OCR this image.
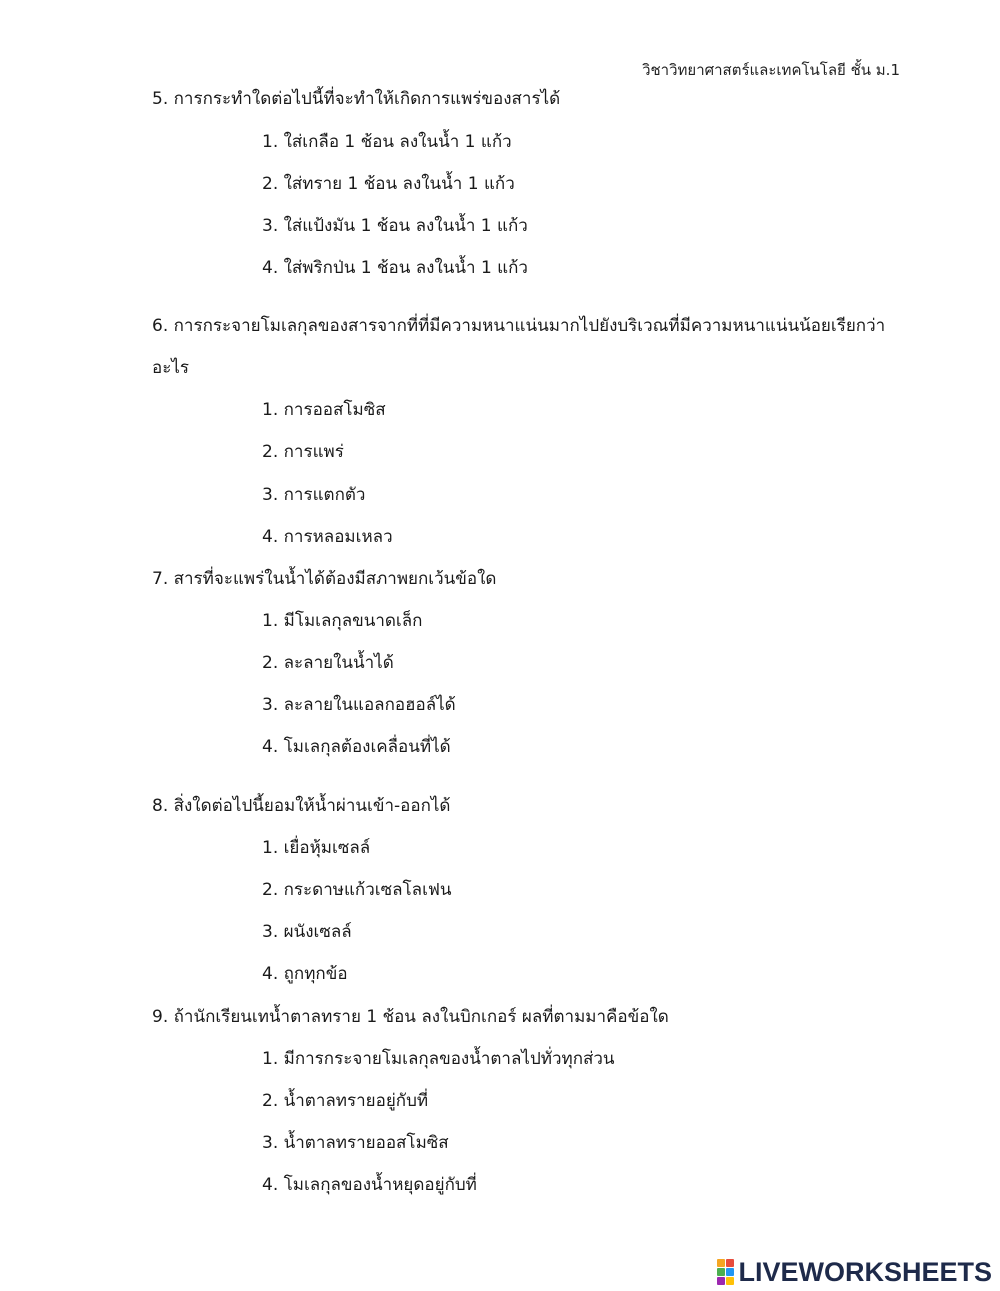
วิชาวิทยาศาสตร์และเทคโนโลยี ชั้น ม.1
5. การกระทำใดต่อไปนี้ที่จะทำให้เกิดการแพร่ของสารได้
1. ใส่เกลือ 1 ช้อน ลงในน้ำ 1 แก้ว
2. ใส่ทราย 1 ช้อน ลงในน้ำ 1 แก้ว
3. ใส่แป้งมัน 1 ช้อน ลงในน้ำ 1 แก้ว
4. ใส่พริกป่น 1 ช้อน ลงในน้ำ 1 แก้ว
6. การกระจายโมเลกุลของสารจากที่ที่มีความหนาแน่นมากไปยังบริเวณที่มีความหนาแน่นน้อยเรียกว่า
อะไร
1. การออสโมซิส
2. การแพร่
3. การแตกตัว
4. การหลอมเหลว
7. สารที่จะแพร่ในน้ำได้ต้องมีสภาพยกเว้นข้อใด
1. มีโมเลกุลขนาดเล็ก
2. ละลายในน้ำได้
3. ละลายในแอลกอฮอล์ได้
4. โมเลกุลต้องเคลื่อนที่ได้
8. สิ่งใดต่อไปนี้ยอมให้น้ำผ่านเข้า-ออกได้
1. เยื่อหุ้มเซลล์
2. กระดาษแก้วเซลโลเฟน
3. ผนังเซลล์
4. ถูกทุกข้อ
9. ถ้านักเรียนเทน้ำตาลทราย 1 ช้อน ลงในบิกเกอร์ ผลที่ตามมาคือข้อใด
1. มีการกระจายโมเลกุลของน้ำตาลไปทั่วทุกส่วน
2. น้ำตาลทรายอยู่กับที่
3. น้ำตาลทรายออสโมซิส
4. โมเลกุลของน้ำหยุดอยู่กับที่
LIVEWORKSHEETS
